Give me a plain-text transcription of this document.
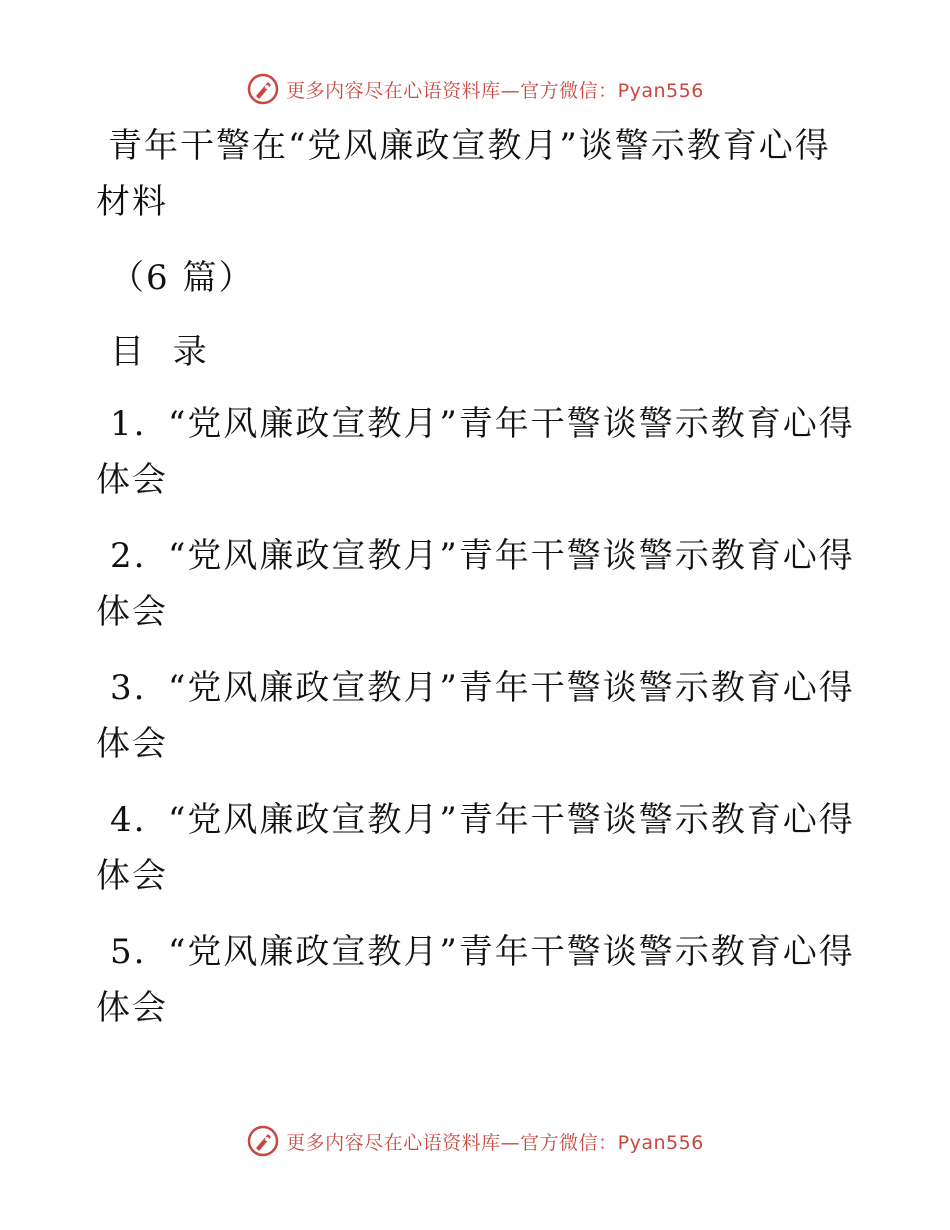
更多内容尽在心语资料库—官方微信：Pyan556
青年干警在“党风廉政宣教月”谈警示教育心得
材料
（6 篇）
目 录
1. “党风廉政宣教月”青年干警谈警示教育心得
体会
2. “党风廉政宣教月”青年干警谈警示教育心得
体会
3. “党风廉政宣教月”青年干警谈警示教育心得
体会
4. “党风廉政宣教月”青年干警谈警示教育心得
体会
5. “党风廉政宣教月”青年干警谈警示教育心得
体会
更多内容尽在心语资料库—官方微信：Pyan556
